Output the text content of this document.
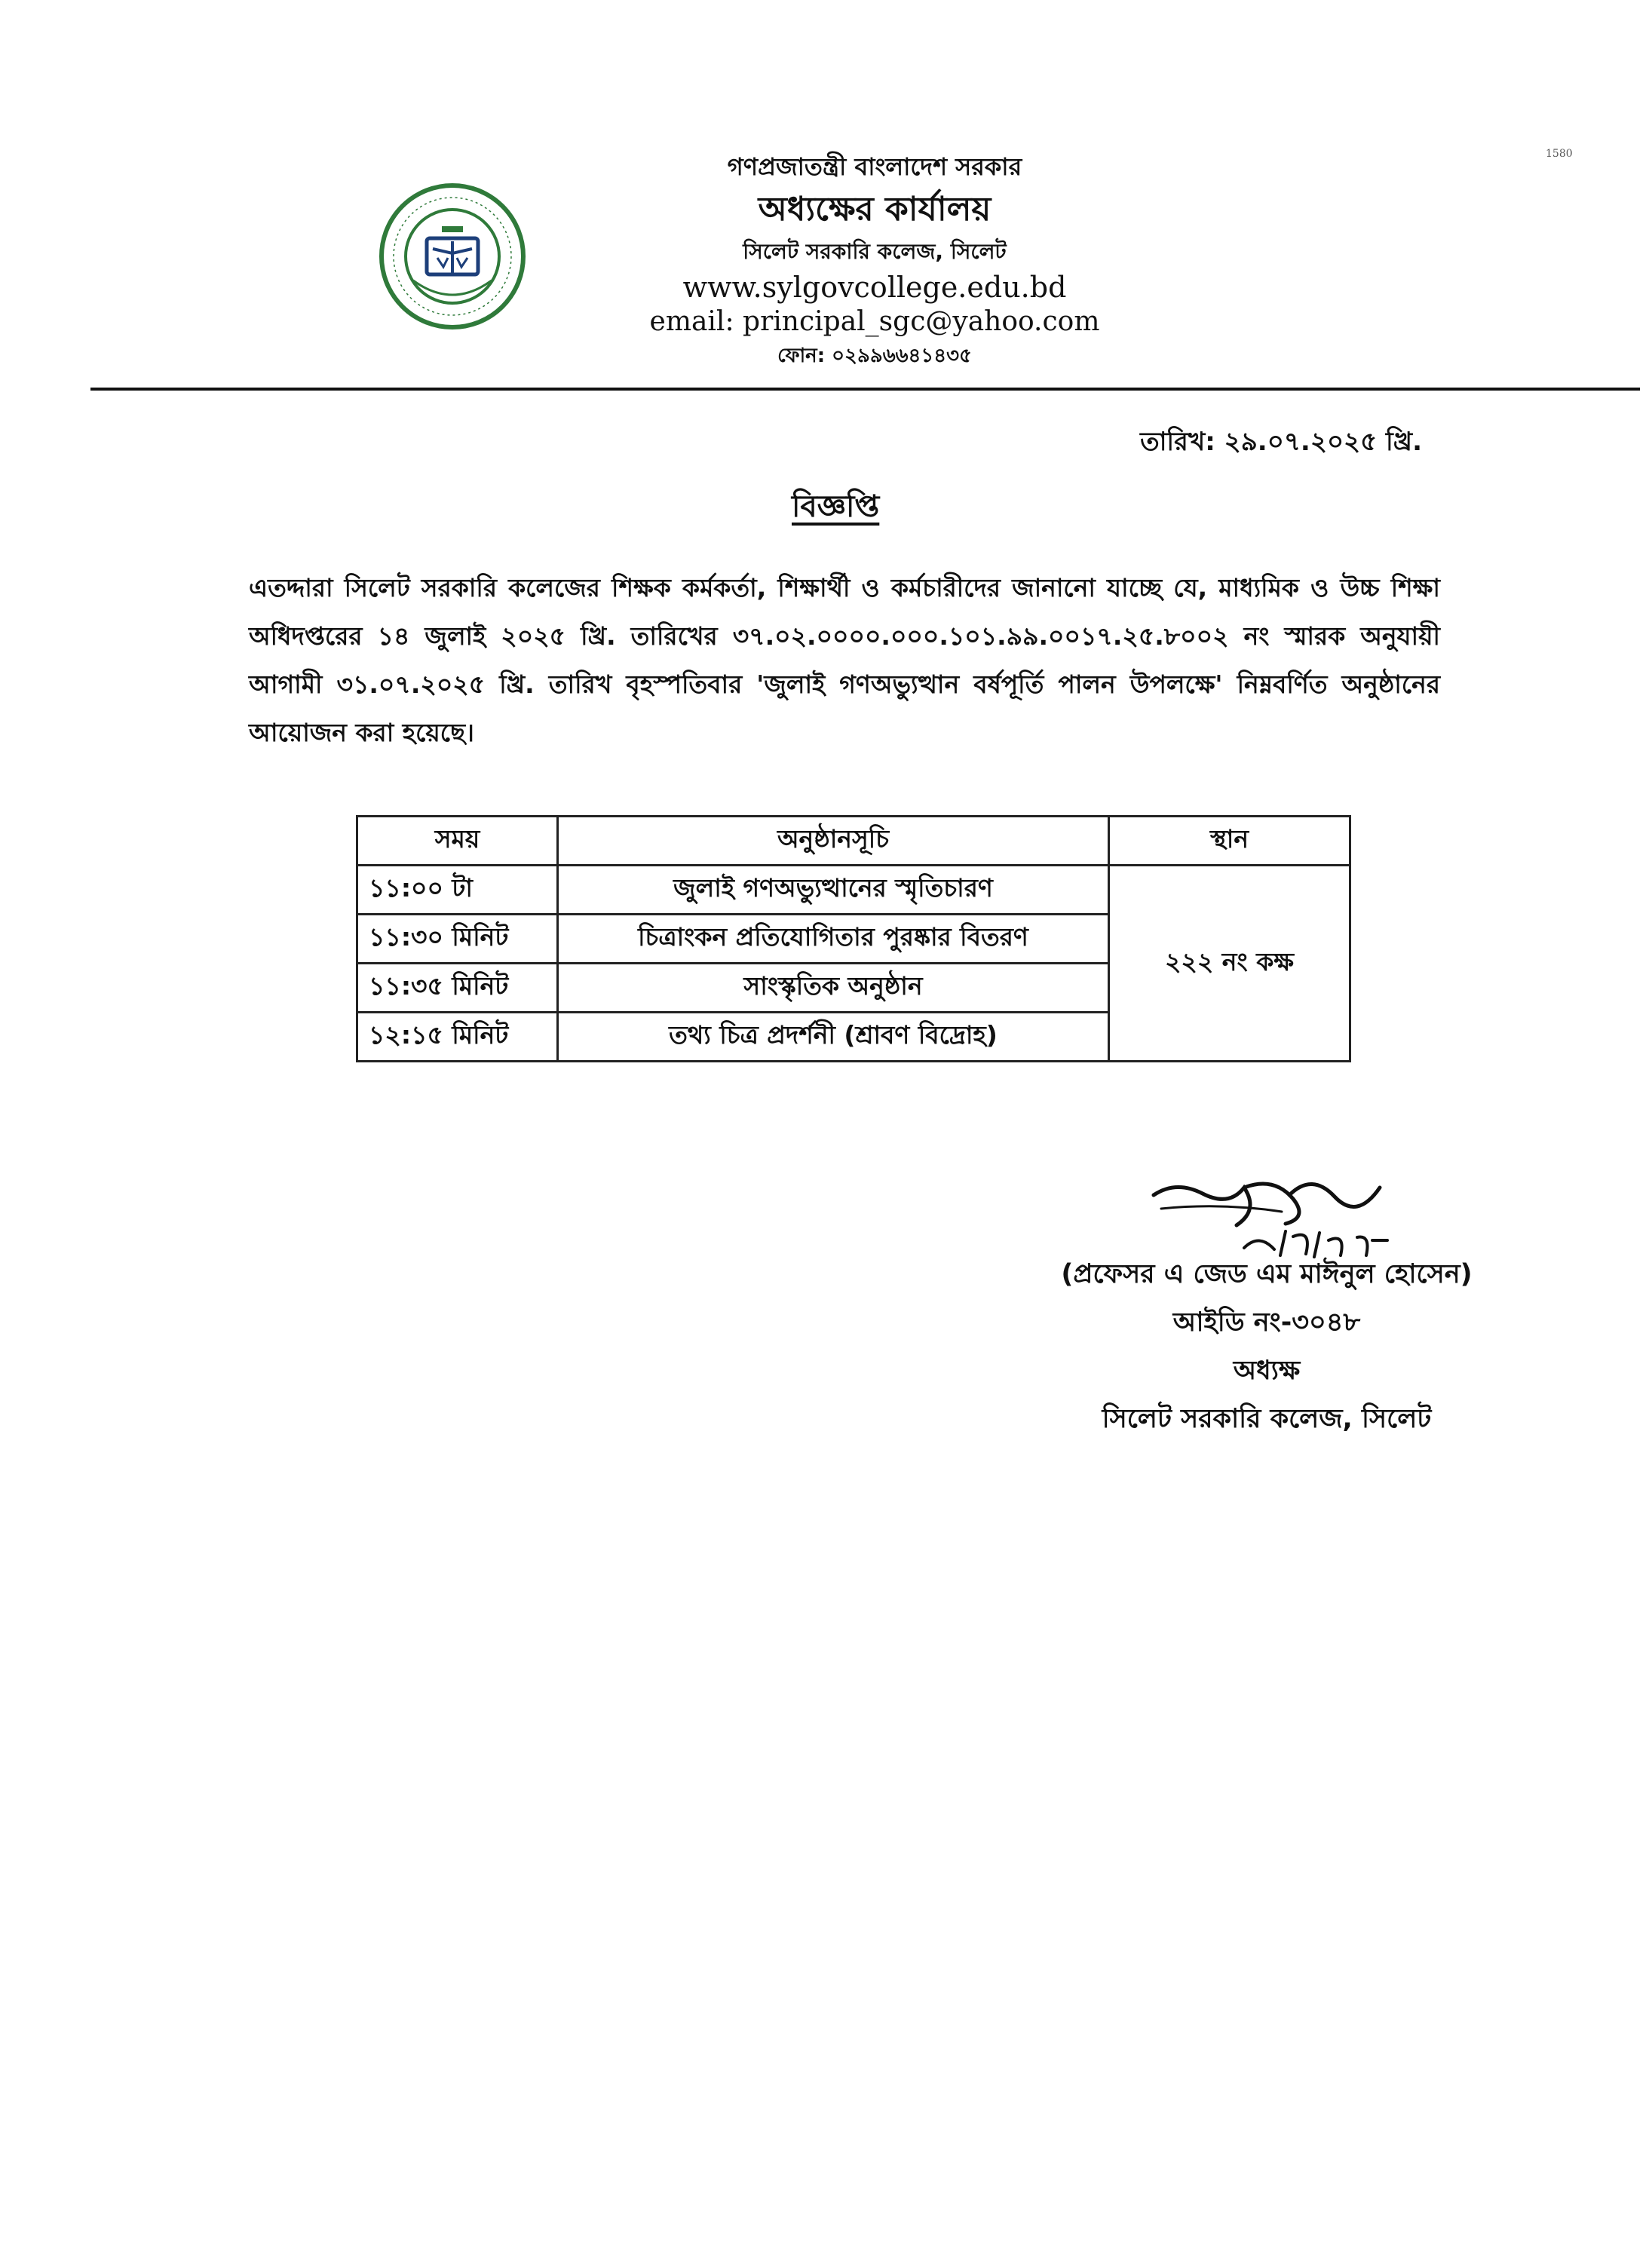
1580
গণপ্রজাতন্ত্রী বাংলাদেশ সরকার
অধ্যক্ষের কার্যালয়
সিলেট সরকারি কলেজ, সিলেট
www.sylgovcollege.edu.bd
email: principal_sgc@yahoo.com
ফোন: ০২৯৯৬৬৪১৪৩৫
তারিখ: ২৯.০৭.২০২৫ খ্রি.
বিজ্ঞপ্তি
এতদ্দারা সিলেট সরকারি কলেজের শিক্ষক কর্মকর্তা, শিক্ষার্থী ও কর্মচারীদের জানানো যাচ্ছে যে, মাধ্যমিক ও উচ্চ শিক্ষা অধিদপ্তরের ১৪ জুলাই ২০২৫ খ্রি. তারিখের ৩৭.০২.০০০০.০০০.১০১.৯৯.০০১৭.২৫.৮০০২ নং স্মারক অনুযায়ী আগামী ৩১.০৭.২০২৫ খ্রি. তারিখ বৃহস্পতিবার 'জুলাই গণঅভ্যুত্থান বর্ষপূর্তি পালন উপলক্ষে' নিম্নবর্ণিত অনুষ্ঠানের আয়োজন করা হয়েছে।
সময়	অনুষ্ঠানসূচি	স্থান
১১:০০ টা	জুলাই গণঅভ্যুত্থানের স্মৃতিচারণ	২২২ নং কক্ষ
১১:৩০ মিনিট	চিত্রাংকন প্রতিযোগিতার পুরষ্কার বিতরণ	
১১:৩৫ মিনিট	সাংস্কৃতিক অনুষ্ঠান	
১২:১৫ মিনিট	তথ্য চিত্র প্রদর্শনী (শ্রাবণ বিদ্রোহ)	
(প্রফেসর এ জেড এম মাঈনুল হোসেন)
আইডি নং-৩০৪৮
অধ্যক্ষ
সিলেট সরকারি কলেজ, সিলেট
